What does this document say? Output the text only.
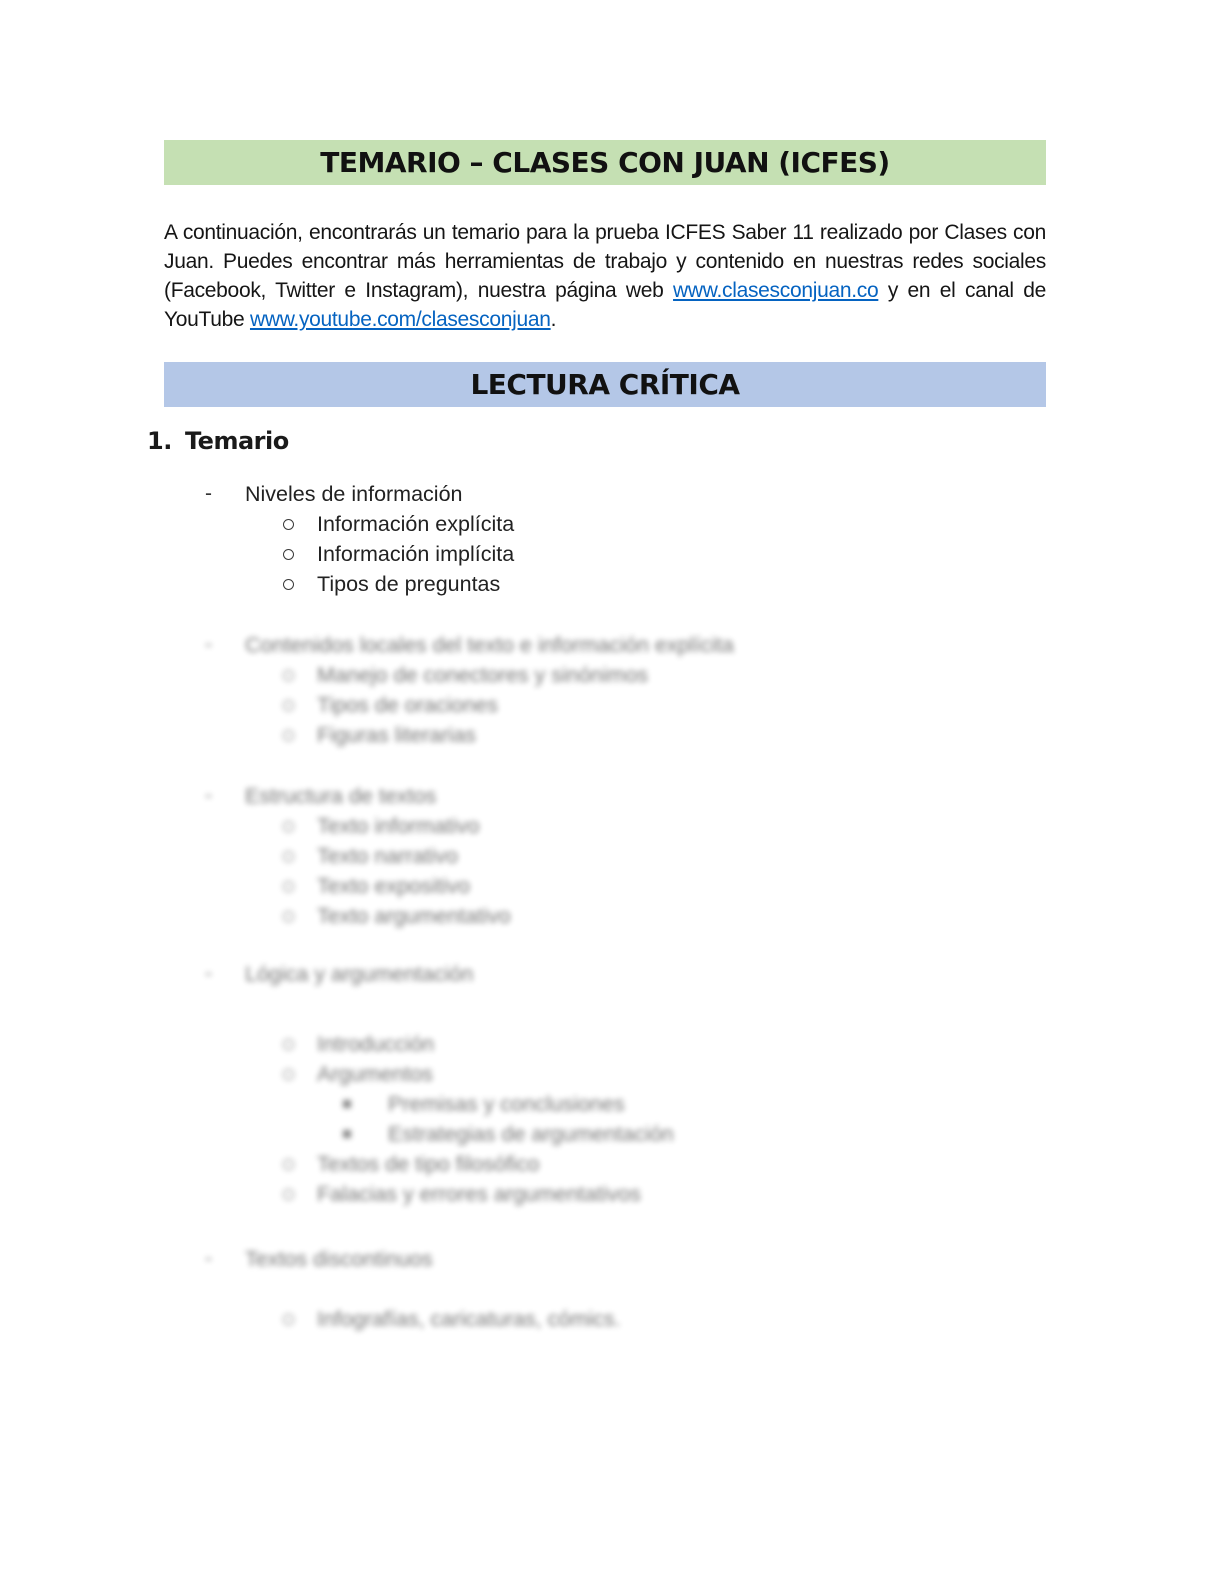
TEMARIO – CLASES CON JUAN (ICFES)

A continuación, encontrarás un temario para la prueba ICFES Saber 11 realizado por Clases con Juan. Puedes encontrar más herramientas de trabajo y contenido en nuestras redes sociales (Facebook, Twitter e Instagram), nuestra página web www.clasesconjuan.co y en el canal de YouTube www.youtube.com/clasesconjuan.

LECTURA CRÍTICA
1. Temario
- Niveles de información
Información explícita
Información implícita
Tipos de preguntas
- Contenidos locales del texto e información explícita
Manejo de conectores y sinónimos
Tipos de oraciones
Figuras literarias
- Estructura de textos
Texto informativo
Texto narrativo
Texto expositivo
Texto argumentativo
- Lógica y argumentación
Introducción
Argumentos
Premisas y conclusiones
Estrategias de argumentación
Textos de tipo filosófico
Falacias y errores argumentativos
- Textos discontinuos
Infografías, caricaturas, cómics.
